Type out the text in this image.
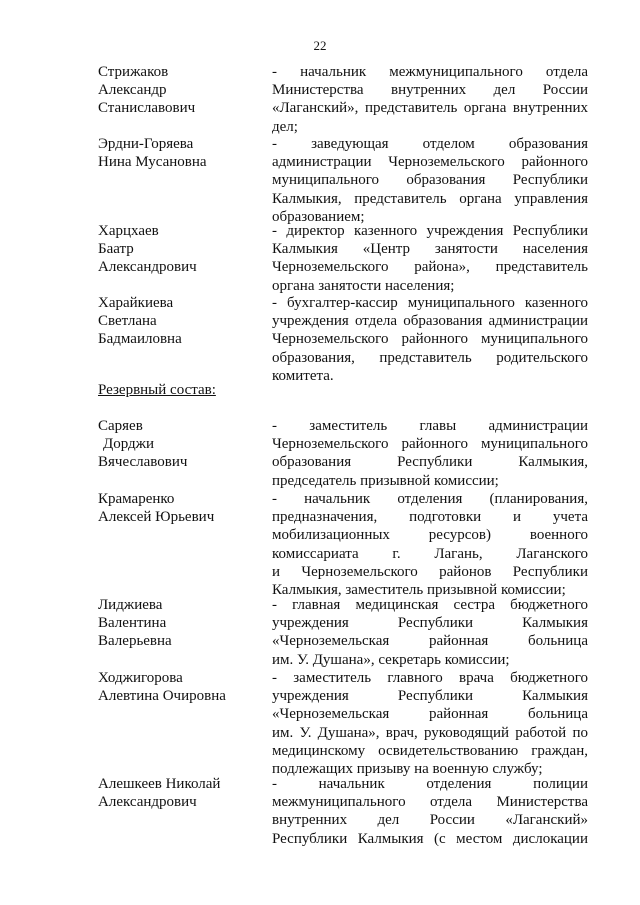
22
Стрижаков
Александр
Станиславович
- начальник межмуниципального отдела
Министерства внутренних дел России
«Лаганский», представитель органа внутренних
дел;
Эрдни-Горяева
Нина Мусановна
- заведующая отделом образования
администрации Черноземельского районного
муниципального образования Республики
Калмыкия, представитель органа управления
образованием;
Харцхаев
Баатр
Александрович
- директор казенного учреждения Республики
Калмыкия «Центр занятости населения
Черноземельского района», представитель
органа занятости населения;
Харайкиева
Светлана
Бадмаиловна
- бухгалтер-кассир муниципального казенного
учреждения отдела образования администрации
Черноземельского районного муниципального
образования, представитель родительского
комитета.
Резервный состав:
Саряев
Дорджи
Вячеславович
- заместитель главы администрации
Черноземельского районного муниципального
образования Республики Калмыкия,
председатель призывной комиссии;
Крамаренко
Алексей Юрьевич
- начальник отделения (планирования,
предназначения, подготовки и учета
мобилизационных ресурсов) военного
комиссариата г. Лагань, Лаганского
и Черноземельского районов Республики
Калмыкия, заместитель призывной комиссии;
Лиджиева
Валентина
Валерьевна
- главная медицинская сестра бюджетного
учреждения Республики Калмыкия
«Черноземельская районная больница
им. У. Душана», секретарь комиссии;
Ходжигорова
Алевтина Очировна
- заместитель главного врача бюджетного
учреждения Республики Калмыкия
«Черноземельская районная больница
им. У. Душана», врач, руководящий работой по
медицинскому освидетельствованию граждан,
подлежащих призыву на военную службу;
Алешкеев Николай
Александрович
- начальник отделения полиции
межмуниципального отдела Министерства
внутренних дел России «Лаганский»
Республики Калмыкия (с местом дислокации
